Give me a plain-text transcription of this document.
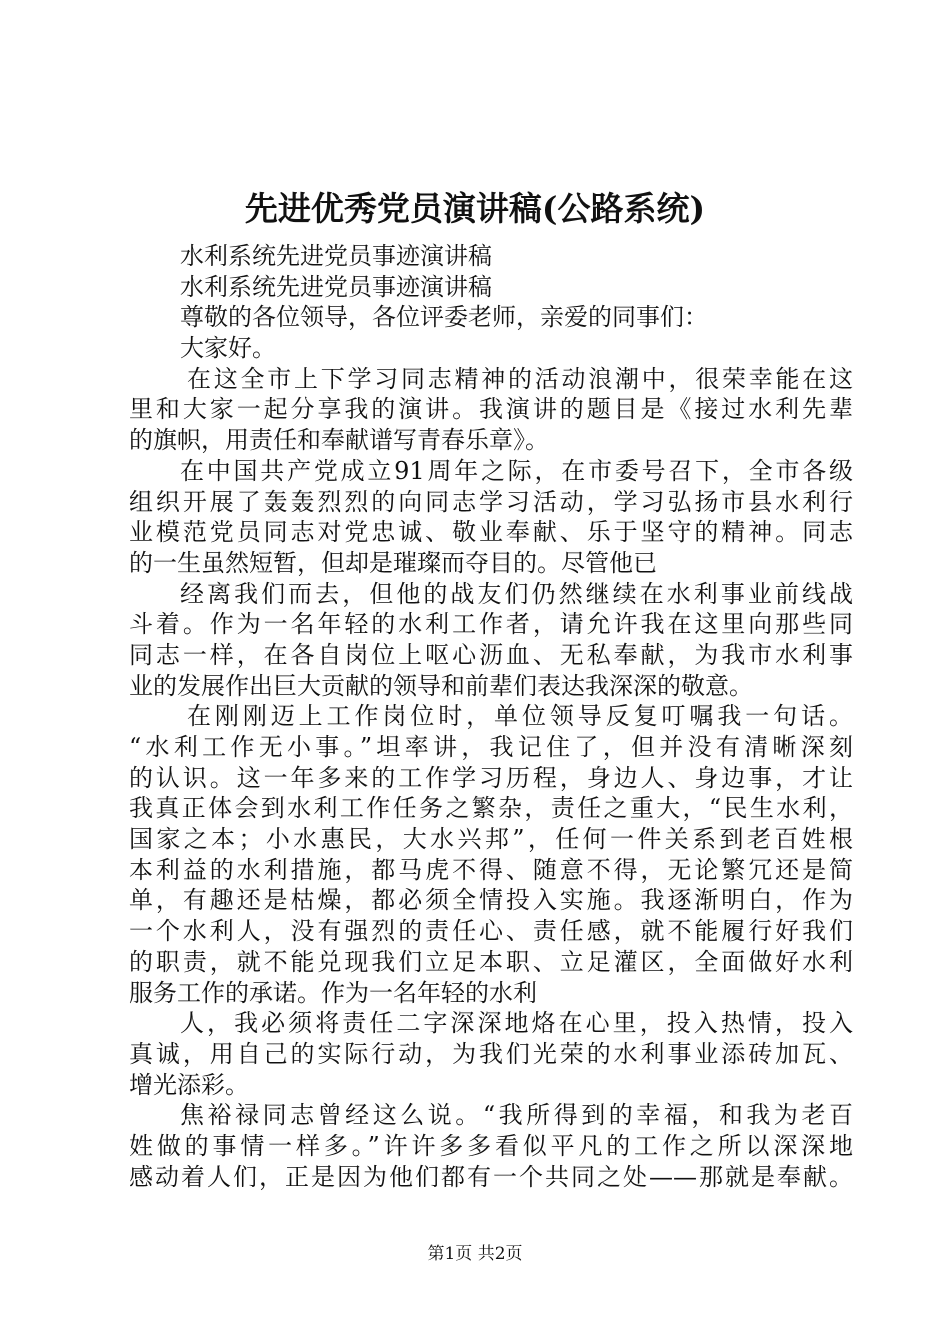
先进优秀党员演讲稿(公路系统)
水利系统先进党员事迹演讲稿
水利系统先进党员事迹演讲稿
尊敬的各位领导，各位评委老师，亲爱的同事们：
大家好。
在这全市上下学习同志精神的活动浪潮中，很荣幸能在这
里和大家一起分享我的演讲。我演讲的题目是《接过水利先辈
的旗帜，用责任和奉献谱写青春乐章》。
在中国共产党成立91周年之际，在市委号召下，全市各级
组织开展了轰轰烈烈的向同志学习活动，学习弘扬市县水利行
业模范党员同志对党忠诚、敬业奉献、乐于坚守的精神。同志
的一生虽然短暂，但却是璀璨而夺目的。尽管他已
经离我们而去，但他的战友们仍然继续在水利事业前线战
斗着。作为一名年轻的水利工作者，请允许我在这里向那些同
同志一样，在各自岗位上呕心沥血、无私奉献，为我市水利事
业的发展作出巨大贡献的领导和前辈们表达我深深的敬意。
在刚刚迈上工作岗位时，单位领导反复叮嘱我一句话。
“水利工作无小事。”坦率讲，我记住了，但并没有清晰深刻
的认识。这一年多来的工作学习历程，身边人、身边事，才让
我真正体会到水利工作任务之繁杂，责任之重大，“民生水利，
国家之本；小水惠民，大水兴邦”，任何一件关系到老百姓根
本利益的水利措施，都马虎不得、随意不得，无论繁冗还是简
单，有趣还是枯燥，都必须全情投入实施。我逐渐明白，作为
一个水利人，没有强烈的责任心、责任感，就不能履行好我们
的职责，就不能兑现我们立足本职、立足灌区，全面做好水利
服务工作的承诺。作为一名年轻的水利
人，我必须将责任二字深深地烙在心里，投入热情，投入
真诚，用自己的实际行动，为我们光荣的水利事业添砖加瓦、
增光添彩。
焦裕禄同志曾经这么说。“我所得到的幸福，和我为老百
姓做的事情一样多。”许许多多看似平凡的工作之所以深深地
感动着人们，正是因为他们都有一个共同之处——那就是奉献。
第1页 共2页
